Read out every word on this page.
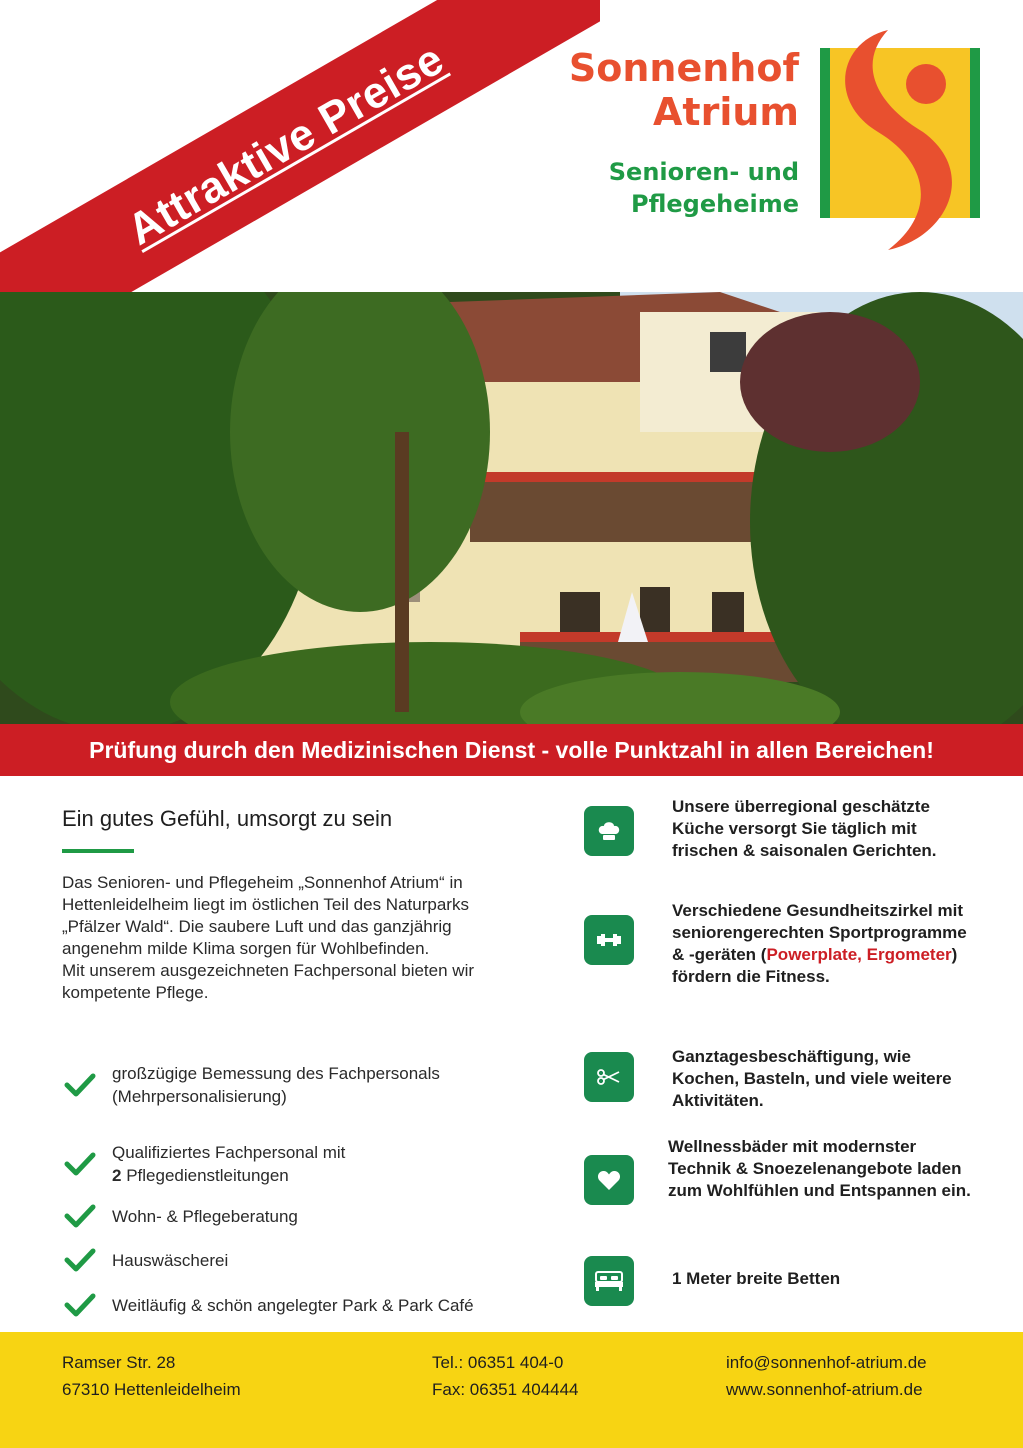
Attraktive Preise	Sonnenhof
Atrium
Senioren- und
Pflegeheime
Prüfung durch den Medizinischen Dienst - volle Punktzahl in allen Bereichen!
Ein gutes Gefühl, umsorgt zu sein

Das Senioren- und Pflegeheim „Sonnenhof Atrium“ in Hettenleidelheim liegt im östlichen Teil des Naturparks „Pfälzer Wald“. Die saubere Luft und das ganzjährig angenehm milde Klima sorgen für Wohlbefinden.

Mit unserem ausgezeichneten Fachpersonal bieten wir kompetente Pflege.

großzügige Bemessung des Fachpersonals
(Mehrpersonalisierung)
Qualifiziertes Fachpersonal mit
2 Pflegedienstleitungen
Wohn- & Pflegeberatung
Hauswäscherei
Weitläufig & schön angelegter Park & Park Café
Unsere überregional geschätzte Küche versorgt Sie täglich mit frischen & saisonalen Gerichten.
Verschiedene Gesundheitszirkel mit seniorengerechten Sportprogramme & -geräten (Powerplate, Ergometer) fördern die Fitness.
Ganztagesbeschäftigung, wie Kochen, Basteln, und viele weitere Aktivitäten.
Wellnessbäder mit modernster Technik & Snoezelenangebote laden zum Wohlfühlen und Entspannen ein.
1 Meter breite Betten
Ramser Str. 28
67310 Hettenleidelheim
Tel.: 06351 404-0
Fax: 06351 404444
info@sonnenhof-atrium.de
www.sonnenhof-atrium.de
